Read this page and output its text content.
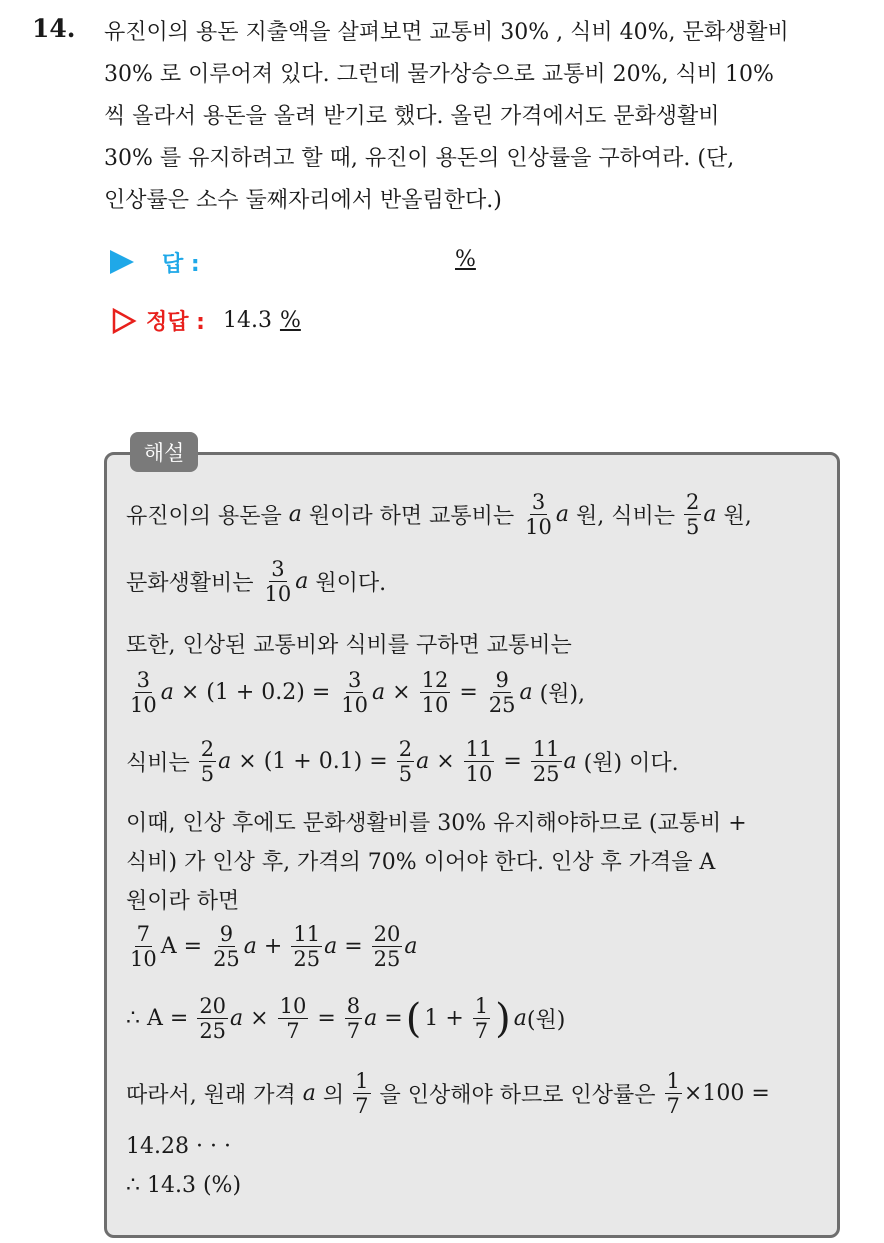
14. 유진이의 용돈 지출액을 살펴보면 교통비 30% , 식비 40%, 문화생활비
30% 로 이루어져 있다. 그런데 물가상승으로 교통비 20%, 식비 10%
씩 올라서 용돈을 올려 받기로 했다. 올린 가격에서도 문화생활비
30% 를 유지하려고 할 때, 유진이 용돈의 인상률을 구하여라. (단,
인상률은 소수 둘째자리에서 반올림한다.)
답 :	%
정답 : 14.3 %
해설
유진이의 용돈을
a
원이라 하면 교통비는
$\frac{3}{10}$ a
원, 식비는
$\frac{2}{5}$ a
원,
문화생활비는
$\frac{3}{10}$ a
원이다.
또한, 인상된 교통비와 식비를 구하면 교통비는
$\frac{3}{10}$ a
× (1 + 0.2) =
$\frac{3}{10}$ a
×
$\frac{12}{10}$
=
$\frac{9}{25}$ a
(원),
식비는
$\frac{2}{5}$ a
× (1 + 0.1) =
$\frac{2}{5}$ a
×
$\frac{11}{10}$
=
$\frac{11}{25}$ a
(원) 이다.
이때, 인상 후에도 문화생활비를 30% 유지해야하므로 (교통비 +
식비) 가 인상 후, 가격의 70% 이어야 한다. 인상 후 가격을 A
원이라 하면
$\frac{7}{10}$ A =
$\frac{9}{25}$ a
+
$\frac{11}{25}$ a
=
$\frac{20}{25}$ a
∴ A =
$\frac{20}{25}$ a
×
$\frac{10}{7}$
=
$\frac{8}{7}$ a
= ( 1 +
$\frac{1}{7}$ ) a (원)
따라서, 원래 가격
a
의
$\frac{1}{7}$
을 인상해야 하므로 인상률은
$\frac{1}{7} \times 100$ =
14.28 · · ·
∴ 14.3 (%)
